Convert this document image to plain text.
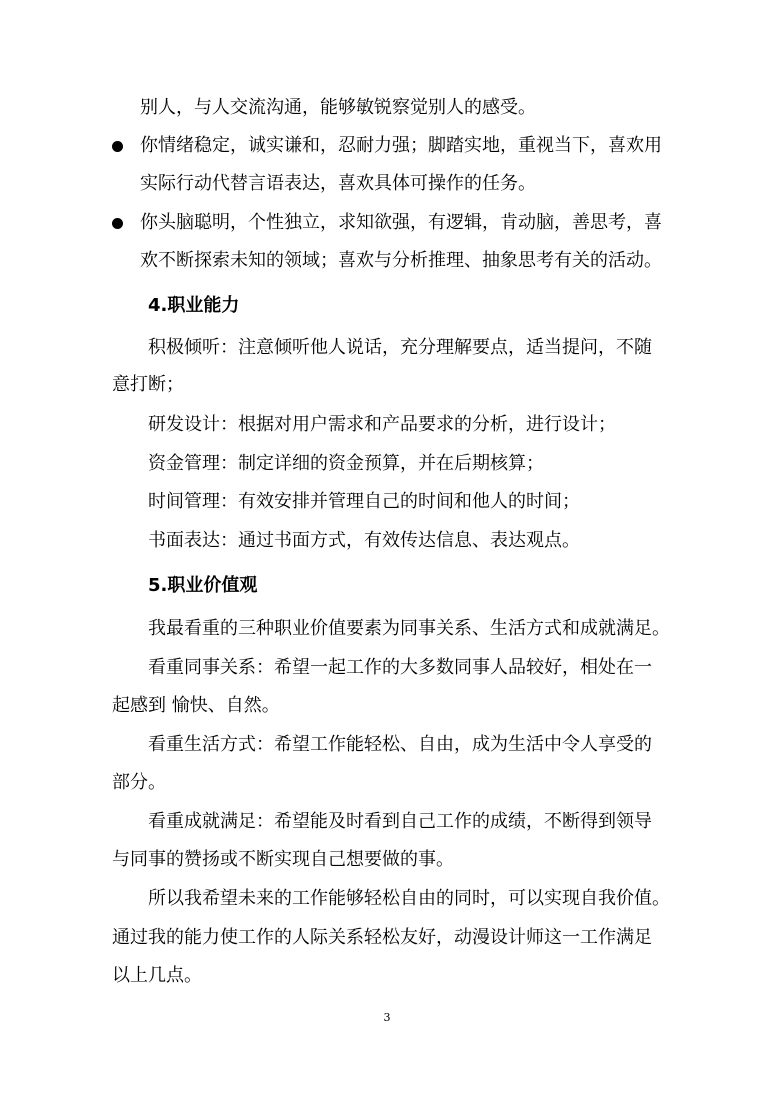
别人，与人交流沟通，能够敏锐察觉别人的感受。
你情绪稳定，诚实谦和，忍耐力强；脚踏实地，重视当下，喜欢用
实际行动代替言语表达，喜欢具体可操作的任务。
你头脑聪明，个性独立，求知欲强，有逻辑，肯动脑，善思考，喜
欢不断探索未知的领域；喜欢与分析推理、抽象思考有关的活动。
4.职业能力
积极倾听：注意倾听他人说话，充分理解要点，适当提问，不随
意打断；
研发设计：根据对用户需求和产品要求的分析，进行设计；
资金管理：制定详细的资金预算，并在后期核算；
时间管理：有效安排并管理自己的时间和他人的时间；
书面表达：通过书面方式，有效传达信息、表达观点。
5.职业价值观
我最看重的三种职业价值要素为同事关系、生活方式和成就满足。
看重同事关系：希望一起工作的大多数同事人品较好，相处在一
起感到 愉快、自然。
看重生活方式：希望工作能轻松、自由，成为生活中令人享受的
部分。
看重成就满足：希望能及时看到自己工作的成绩，不断得到领导
与同事的赞扬或不断实现自己想要做的事。
所以我希望未来的工作能够轻松自由的同时，可以实现自我价值。
通过我的能力使工作的人际关系轻松友好，动漫设计师这一工作满足
以上几点。
3
